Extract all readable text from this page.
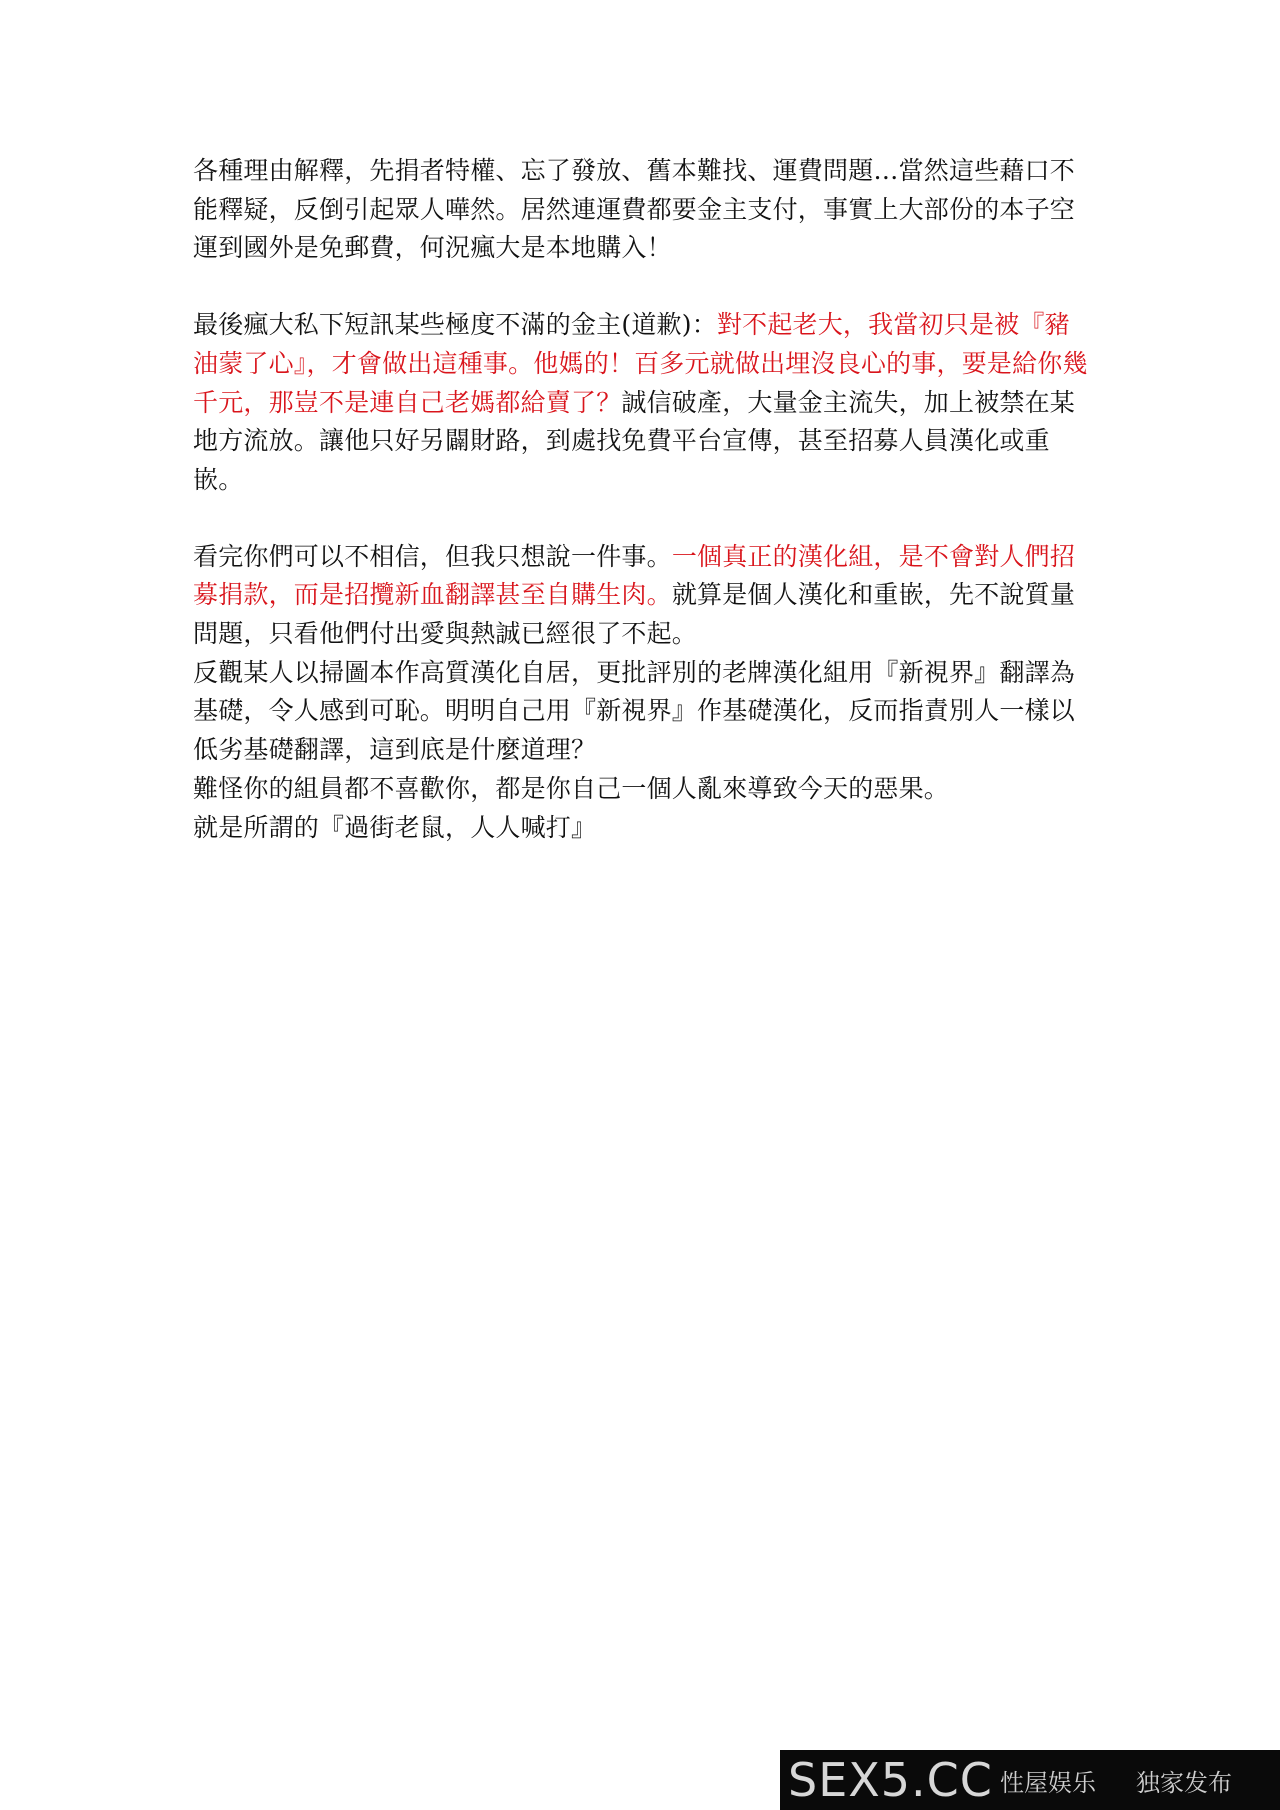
各種理由解釋，先捐者特權、忘了發放、舊本難找、運費問題…當然這些藉口不能釋疑，反倒引起眾人嘩然。居然連運費都要金主支付，事實上大部份的本子空運到國外是免郵費，何況瘋大是本地購入！

最後瘋大私下短訊某些極度不滿的金主(道歉)：對不起老大，我當初只是被『豬油蒙了心』，才會做出這種事。他媽的！百多元就做出埋沒良心的事，要是給你幾千元，那豈不是連自己老媽都給賣了？誠信破產，大量金主流失，加上被禁在某地方流放。讓他只好另闢財路，到處找免費平台宣傳，甚至招募人員漢化或重嵌。

看完你們可以不相信，但我只想說一件事。一個真正的漢化組，是不會對人們招募捐款，而是招攬新血翻譯甚至自購生肉。就算是個人漢化和重嵌，先不說質量問題，只看他們付出愛與熱誠已經很了不起。

反觀某人以掃圖本作高質漢化自居，更批評別的老牌漢化組用『新視界』翻譯為基礎，令人感到可恥。明明自己用『新視界』作基礎漢化，反而指責別人一樣以低劣基礎翻譯，這到底是什麼道理？

難怪你的組員都不喜歡你，都是你自己一個人亂來導致今天的惡果。

就是所謂的『過街老鼠，人人喊打』

SEX5.CC 性屋娱乐 独家发布
